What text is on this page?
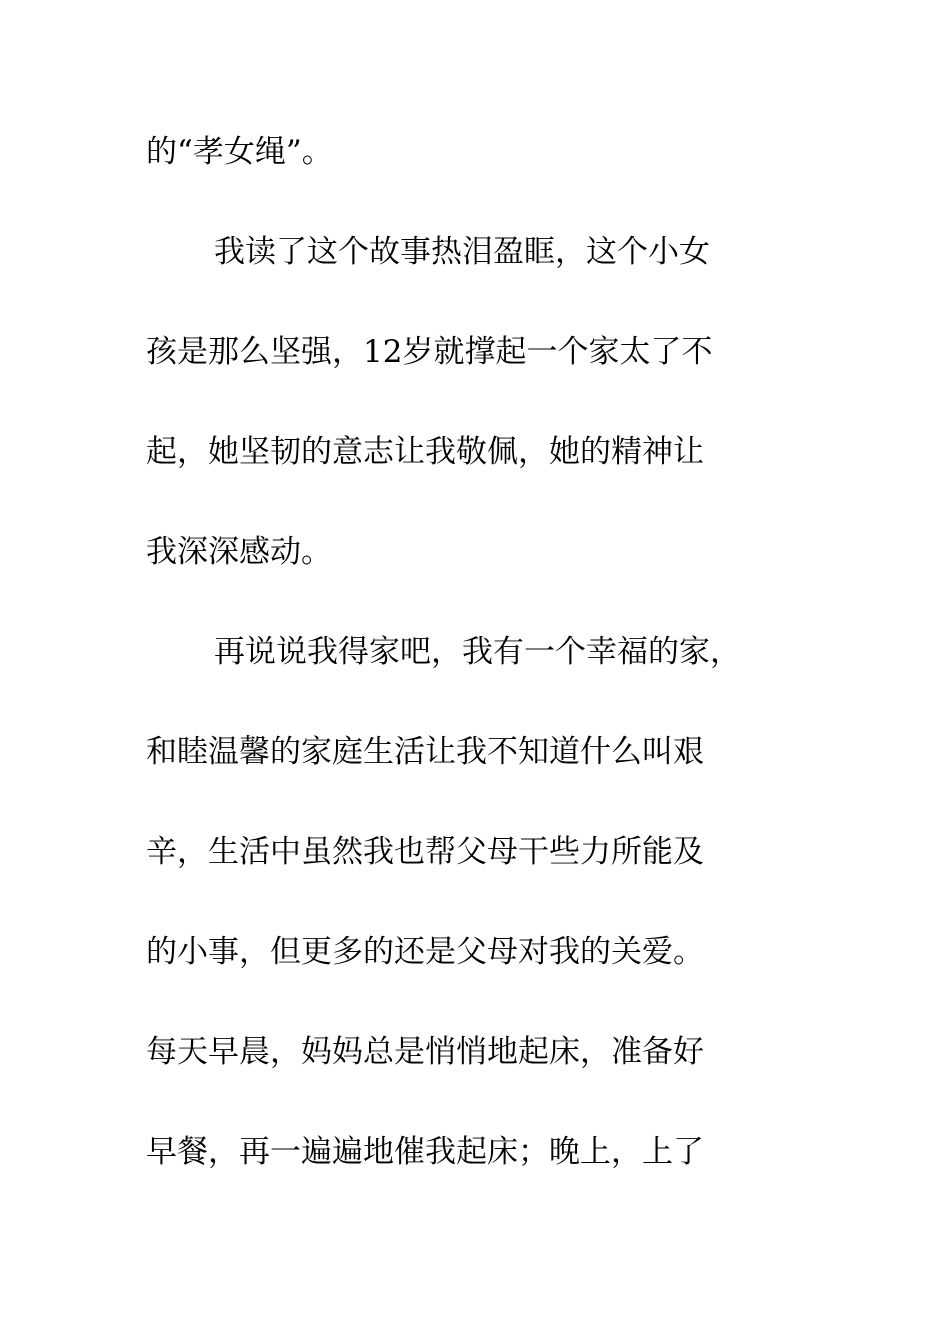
的“孝女绳”。
我读了这个故事热泪盈眶，这个小女
孩是那么坚强，12岁就撑起一个家太了不
起，她坚韧的意志让我敬佩，她的精神让
我深深感动。
再说说我得家吧，我有一个幸福的家，
和睦温馨的家庭生活让我不知道什么叫艰
辛，生活中虽然我也帮父母干些力所能及
的小事，但更多的还是父母对我的关爱。
每天早晨，妈妈总是悄悄地起床，准备好
早餐，再一遍遍地催我起床；晚上，上了
